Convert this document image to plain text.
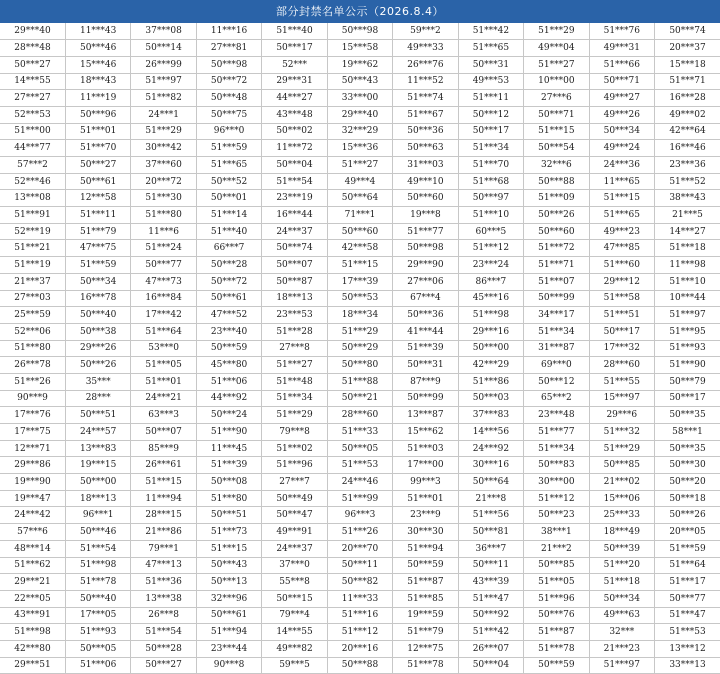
部分封禁名单公示（2026.8.4）
29***40	11***43	37***08	11***16	51***40	50***98	59***2	51***42	51***29	51***76	50***74
28***48	50***46	50***14	27***81	50***17	15***58	49***33	51***65	49***04	49***31	20***37
50***27	15***46	26***99	50***98	52***	19***62	26***76	50***31	51***27	51***66	15***18
14***55	18***43	51***97	50***72	29***31	50***43	11***52	49***53	10***00	50***71	51***71
27***27	11***19	51***82	50***48	44***27	33***00	51***74	51***11	27***6	49***27	16***28
52***53	50***96	24***1	50***75	43***48	29***40	51***67	50***12	50***71	49***26	49***02
51***00	51***01	51***29	96***0	50***02	32***29	50***36	50***17	51***15	50***34	42***64
44***77	51***70	30***42	51***59	11***72	15***36	50***63	51***34	50***54	49***24	16***46
57***2	50***27	37***60	51***65	50***04	51***27	31***03	51***70	32***6	24***36	23***36
52***46	50***61	20***72	50***52	51***54	49***4	49***10	51***68	50***88	11***65	51***52
13***08	12***58	51***30	50***01	23***19	50***64	50***60	50***97	51***09	51***15	38***43
51***91	51***11	51***80	51***14	16***44	71***1	19***8	51***10	50***26	51***65	21***5
52***19	51***79	11***6	51***40	24***37	50***60	51***77	60***5	50***60	49***23	14***27
51***21	47***75	51***24	66***7	50***74	42***58	50***98	51***12	51***72	47***85	51***18
51***19	51***59	50***77	50***28	50***07	51***15	29***90	23***24	51***71	51***60	11***98
21***37	50***34	47***73	50***72	50***87	17***39	27***06	86***7	51***07	29***12	51***10
27***03	16***78	16***84	50***61	18***13	50***53	67***4	45***16	50***99	51***58	10***44
25***59	50***40	17***42	47***52	23***53	18***34	50***36	51***98	34***17	51***51	51***97
52***06	50***38	51***64	23***40	51***28	51***29	41***44	29***16	51***34	50***17	51***95
51***80	29***26	53***0	50***59	27***8	50***29	51***39	50***00	31***87	17***32	51***93
26***78	50***26	51***05	45***80	51***27	50***80	50***31	42***29	69***0	28***60	51***90
51***26	35***	51***01	51***06	51***48	51***88	87***9	51***86	50***12	51***55	50***79
90***9	28***	24***21	44***92	51***34	50***21	50***99	50***03	65***2	15***97	50***17
17***76	50***51	63***3	50***24	51***29	28***60	13***87	37***83	23***48	29***6	50***35
17***75	24***57	50***07	51***90	79***8	51***33	15***62	14***56	51***77	51***32	58***1
12***71	13***83	85***9	11***45	51***02	50***05	51***03	24***92	51***34	51***29	50***35
29***86	19***15	26***61	51***39	51***96	51***53	17***00	30***16	50***83	50***85	50***30
19***90	50***00	51***15	50***08	27***7	24***46	99***3	50***64	30***00	21***02	50***20
19***47	18***13	11***94	51***80	50***49	51***99	51***01	21***8	51***12	15***06	50***18
24***42	96***1	28***15	50***51	50***47	96***3	23***9	51***56	50***23	25***33	50***26
57***6	50***46	21***86	51***73	49***91	51***26	30***30	50***81	38***1	18***49	20***05
48***14	51***54	79***1	51***15	24***37	20***70	51***94	36***7	21***2	50***39	51***59
51***62	51***98	47***13	50***43	37***0	50***11	50***59	50***11	50***85	51***20	51***64
29***21	51***78	51***36	50***13	55***8	50***82	51***87	43***39	51***05	51***18	51***17
22***05	50***40	13***38	32***96	50***15	11***33	51***85	51***47	51***96	50***34	50***77
43***91	17***05	26***8	50***61	79***4	51***16	19***59	50***92	50***76	49***63	51***47
51***98	51***93	51***54	51***94	14***55	51***12	51***79	51***42	51***87	32***	51***53
42***80	50***05	50***28	23***44	49***82	20***16	12***75	26***07	51***78	21***23	13***12
29***51	51***06	50***27	90***8	59***5	50***88	51***78	50***04	50***59	51***97	33***13
